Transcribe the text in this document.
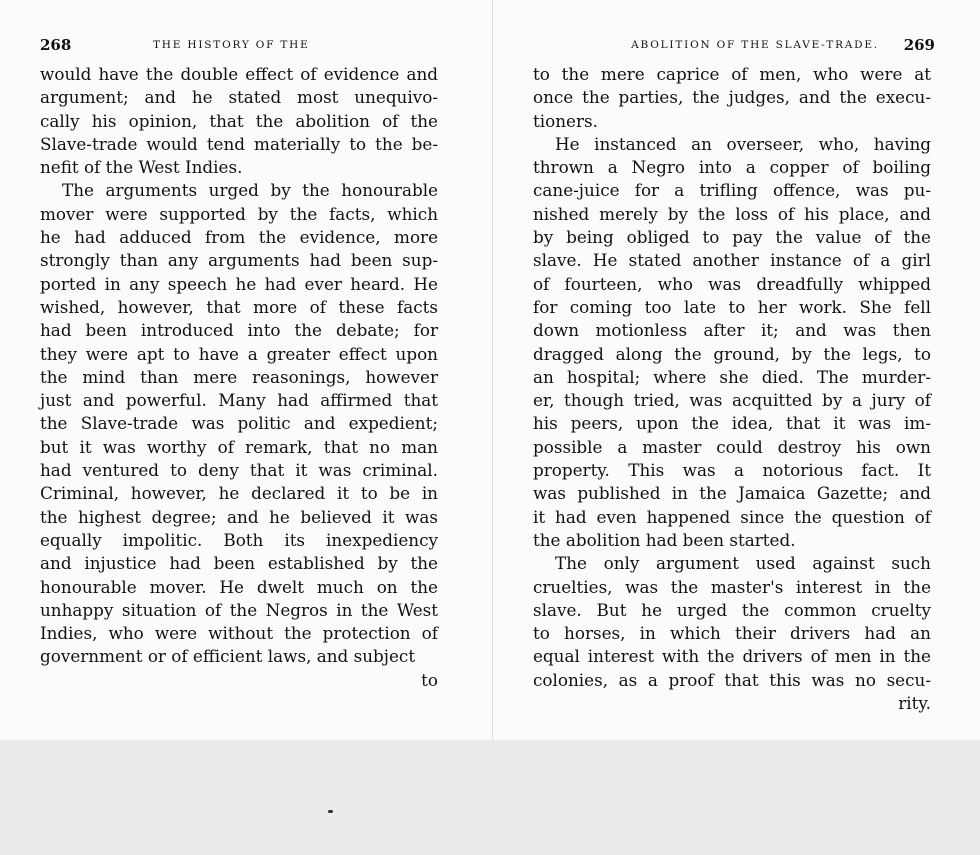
268	THE HISTORY OF THE
would have the double effect of evidence and
argument; and he stated most unequivo-
cally his opinion, that the abolition of the
Slave-trade would tend materially to the be-
nefit of the West Indies.
The arguments urged by the honourable
mover were supported by the facts, which
he had adduced from the evidence, more
strongly than any arguments had been sup-
ported in any speech he had ever heard. He
wished, however, that more of these facts
had been introduced into the debate; for
they were apt to have a greater effect upon
the mind than mere reasonings, however
just and powerful. Many had affirmed that
the Slave-trade was politic and expedient;
but it was worthy of remark, that no man
had ventured to deny that it was criminal.
Criminal, however, he declared it to be in
the highest degree; and he believed it was
equally impolitic. Both its inexpediency
and injustice had been established by the
honourable mover. He dwelt much on the
unhappy situation of the Negros in the West
Indies, who were without the protection of
government or of efficient laws, and subject
to
ABOLITION OF THE SLAVE-TRADE. 269
to the mere caprice of men, who were at
once the parties, the judges, and the execu-
tioners.
He instanced an overseer, who, having
thrown a Negro into a copper of boiling
cane-juice for a trifling offence, was pu-
nished merely by the loss of his place, and
by being obliged to pay the value of the
slave. He stated another instance of a girl
of fourteen, who was dreadfully whipped
for coming too late to her work. She fell
down motionless after it; and was then
dragged along the ground, by the legs, to
an hospital; where she died. The murder-
er, though tried, was acquitted by a jury of
his peers, upon the idea, that it was im-
possible a master could destroy his own
property. This was a notorious fact. It
was published in the Jamaica Gazette; and
it had even happened since the question of
the abolition had been started.
The only argument used against such
cruelties, was the master's interest in the
slave. But he urged the common cruelty
to horses, in which their drivers had an
equal interest with the drivers of men in the
colonies, as a proof that this was no secu-
rity.
